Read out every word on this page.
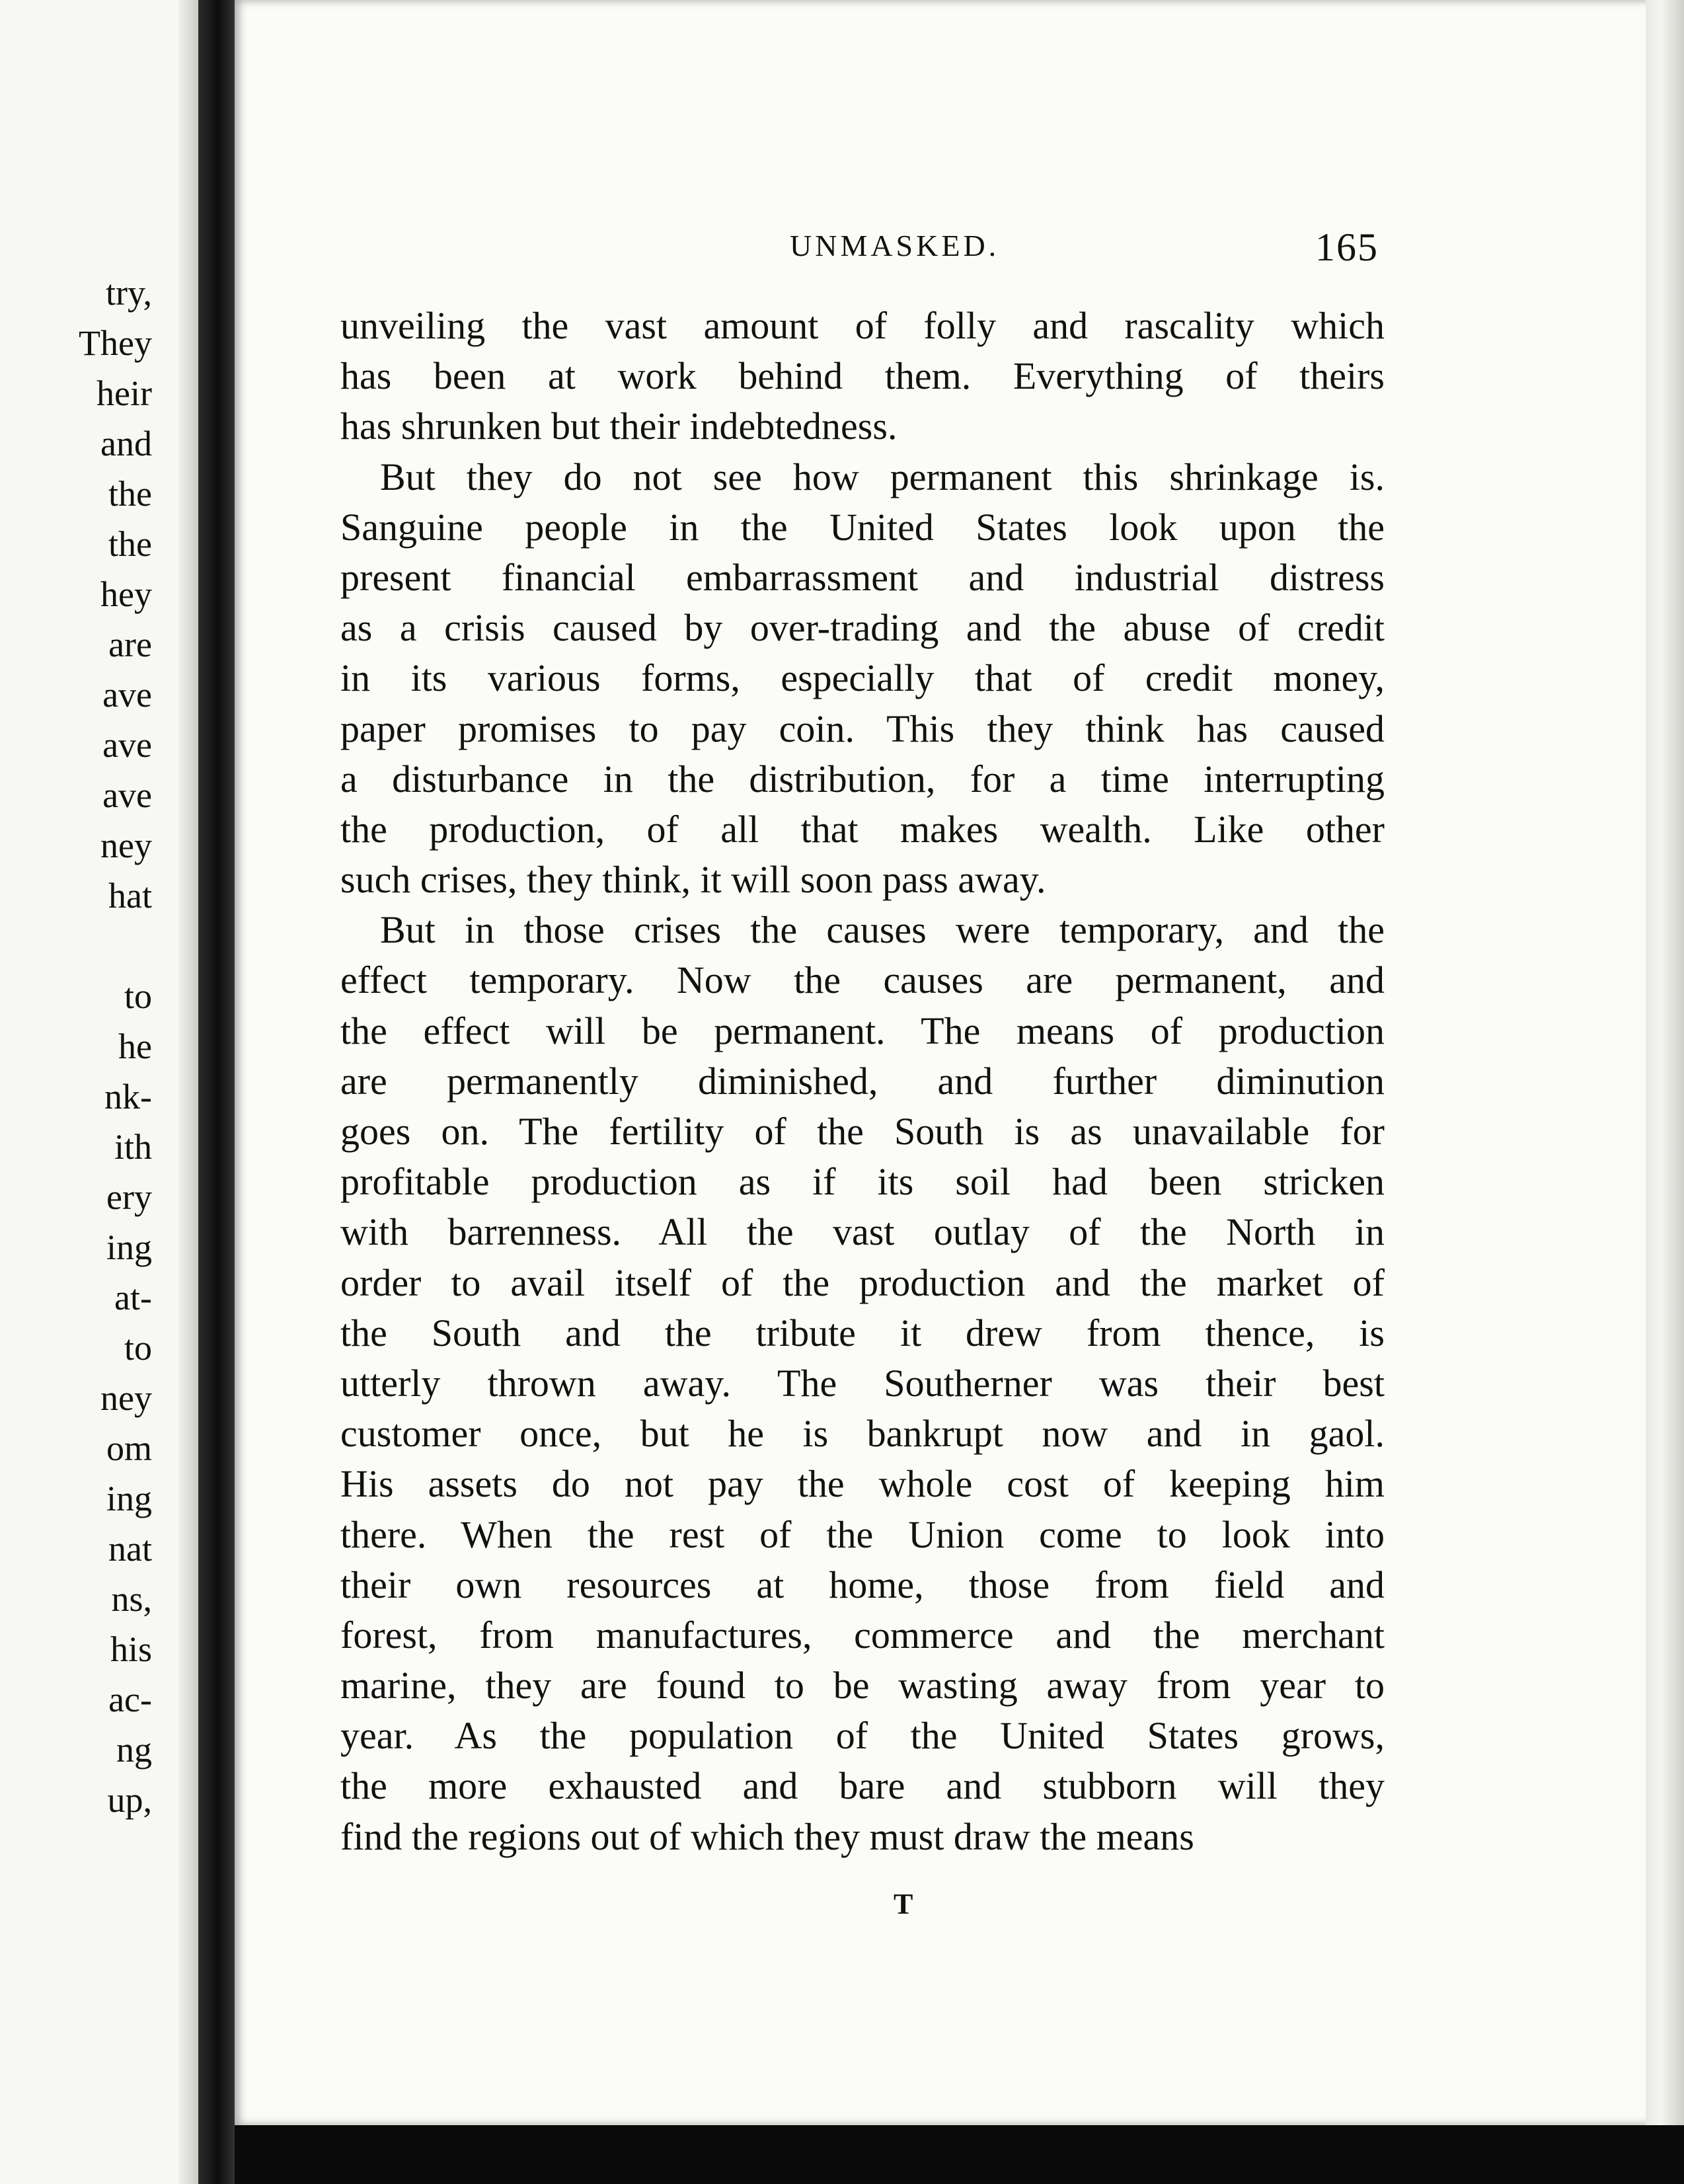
try,
They
heir
and
the
the
hey
are
ave
ave
ave
ney
hat
to
he
nk-
ith
ery
ing
at-
to
ney
om
ing
nat
ns,
his
ac-
ng
up,
UNMASKED.	165
unveiling the vast amount of folly and rascality which
has been at work behind them. Everything of theirs
has shrunken but their indebtedness.
But they do not see how permanent this shrinkage is.
Sanguine people in the United States look upon the
present financial embarrassment and industrial distress
as a crisis caused by over-trading and the abuse of credit
in its various forms, especially that of credit money,
paper promises to pay coin. This they think has caused
a disturbance in the distribution, for a time interrupting
the production, of all that makes wealth. Like other
such crises, they think, it will soon pass away.
But in those crises the causes were temporary, and the
effect temporary. Now the causes are permanent, and
the effect will be permanent. The means of production
are permanently diminished, and further diminution
goes on. The fertility of the South is as unavailable for
profitable production as if its soil had been stricken
with barrenness. All the vast outlay of the North in
order to avail itself of the production and the market of
the South and the tribute it drew from thence, is
utterly thrown away. The Southerner was their best
customer once, but he is bankrupt now and in gaol.
His assets do not pay the whole cost of keeping him
there. When the rest of the Union come to look into
their own resources at home, those from field and
forest, from manufactures, commerce and the merchant
marine, they are found to be wasting away from year to
year. As the population of the United States grows,
the more exhausted and bare and stubborn will they
find the regions out of which they must draw the means
T
